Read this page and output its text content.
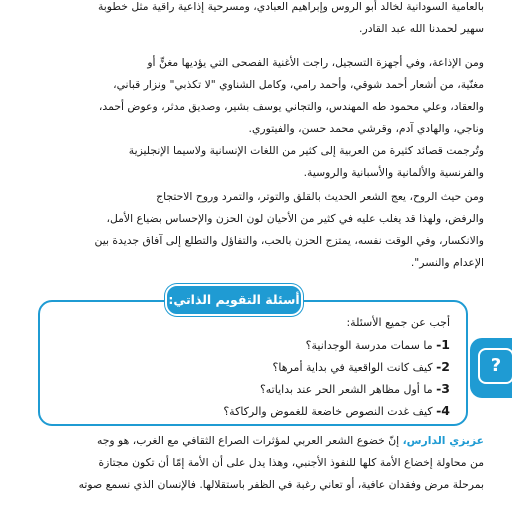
بالعامية السودانية لخالد أبو الروس وإبراهيم العبادي، ومسرحية إذاعية راقية مثل خطوبة
سهير لحمدنا الله عبد القادر.
ومن الإذاعة، وفي أجهزة التسجيل، راجت الأغنية الفصحى التي يؤديها مغنٍّ أو
مغنّية، من أشعار أحمد شوقي، وأحمد رامي، وكامل الشناوي "لا تكذبي" ونزار قباني،
والعقاد، وعلي محمود طه المهندس، والتجاني يوسف بشير، وصديق مدثر، وعوض أحمد،
وناجي، والهادي آدم، وقرشي محمد حسن، والفيتوري.
وتُرجمت قصائد كثيرة من العربية إلى كثير من اللغات الإنسانية ولاسيما الإنجليزية
والفرنسية والألمانية والأسبانية والروسية.
ومن حيث الروح، يعج الشعر الحديث بالقلق والتوتر، والتمرد وروح الاحتجاج
والرفض، ولهذا قد يغلب عليه في كثير من الأحيان لون الحزن والإحساس بضياع الأمل،
والانكسار، وفي الوقت نفسه، يمتزج الحزن بالحب، والتفاؤل والتطلع إلى آفاق جديدة بين
الإعدام والنسر".
أسئلة التقويم الذاتي:
أجب عن جميع الأسئلة:
1- ما سمات مدرسة الوجدانية؟
2- كيف كانت الواقعية في بداية أمرها؟
3- ما أول مظاهر الشعر الحر عند بداياته؟
4- كيف غدت النصوص خاضعة للغموض والركاكة؟
?
عزيزي الدارس، إنّ خضوع الشعر العربي لمؤثرات الصراع الثقافي مع الغرب، هو وجه
من محاولة إخضاع الأمة كلها للنفوذ الأجنبي، وهذا يدل على أن الأمة إمّا أن تكون مجتازة
بمرحلة مرض وفقدان عافية، أو تعاني رغبة في الظفر باستقلالها. فالإنسان الذي نسمع صوته
